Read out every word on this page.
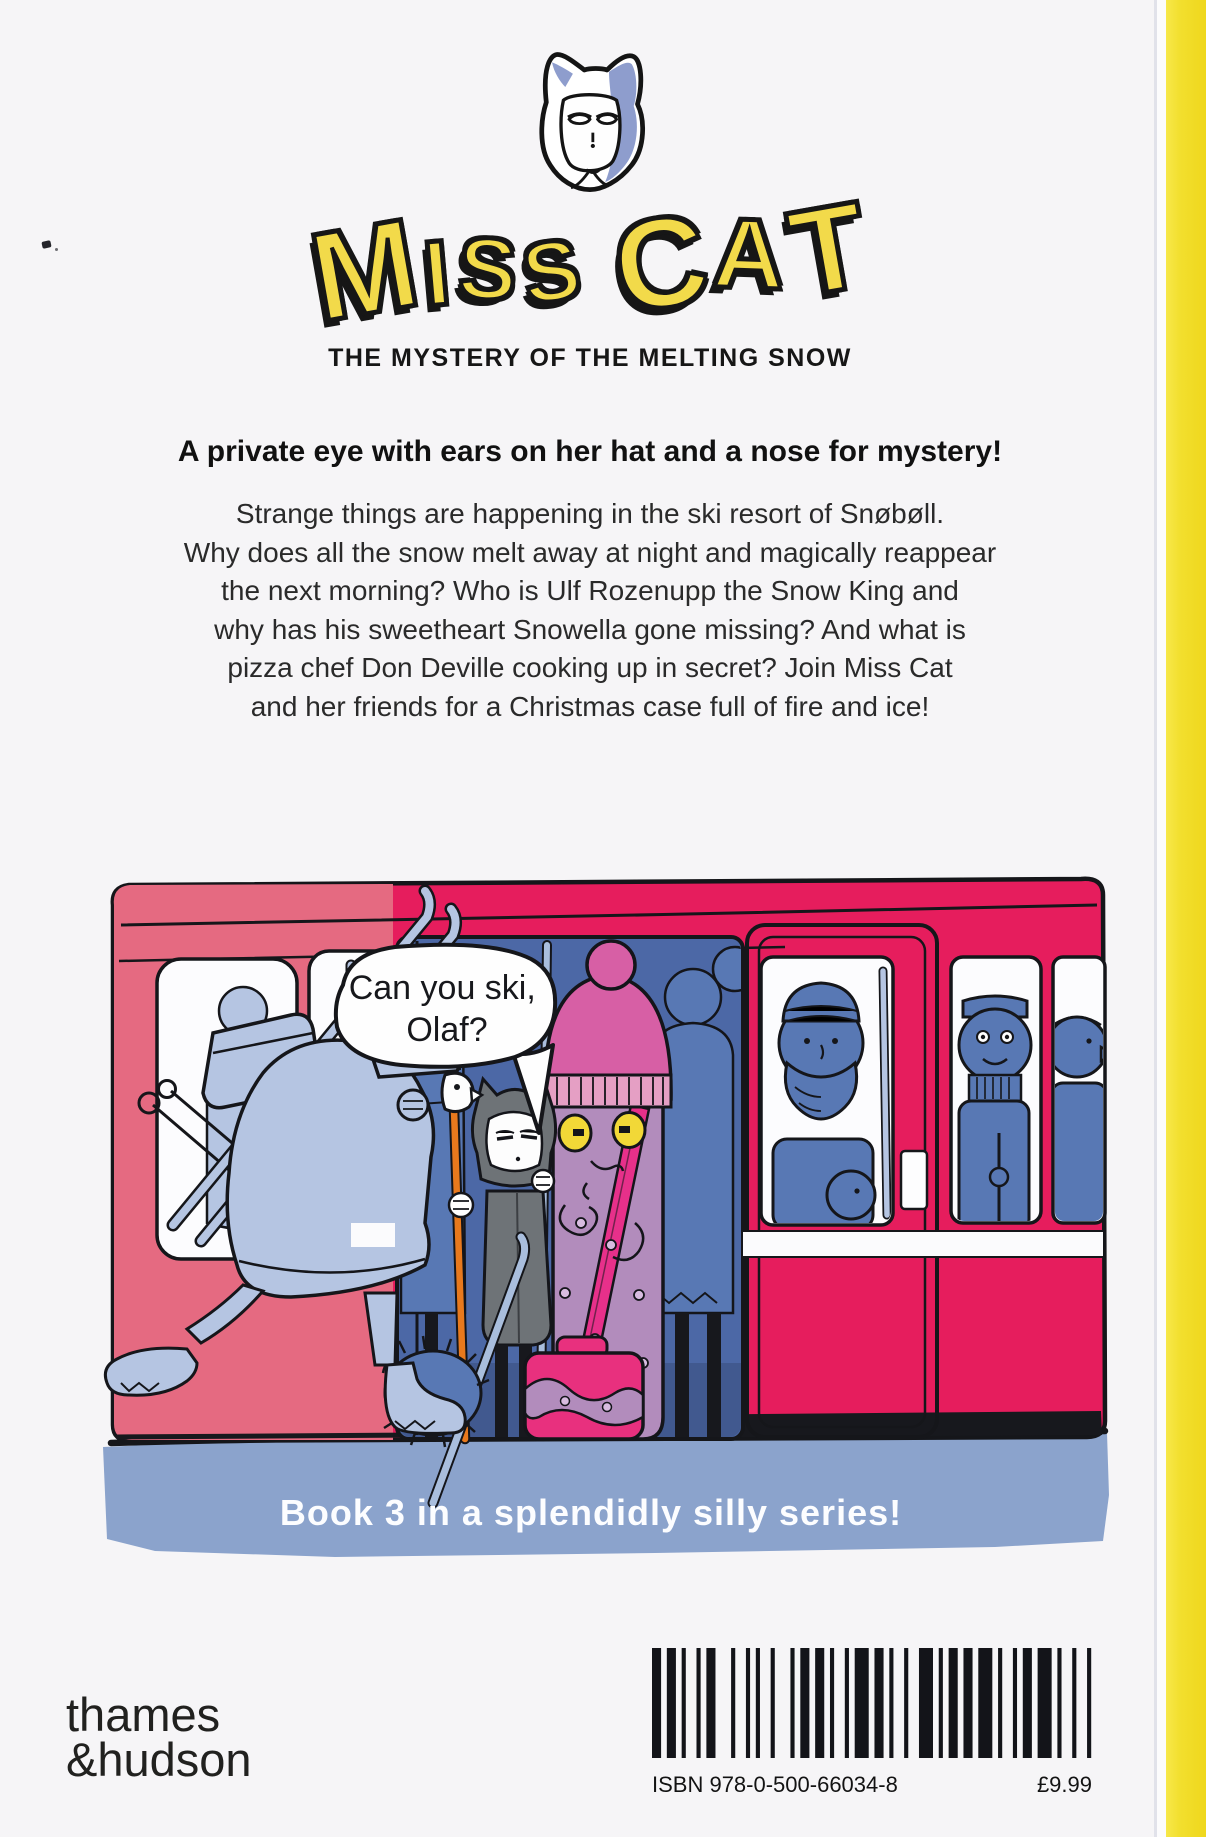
MISS CAT
THE MYSTERY OF THE MELTING SNOW
A private eye with ears on her hat and a nose for mystery!
Strange things are happening in the ski resort of Snøbøll.
Why does all the snow melt away at night and magically reappear
the next morning? Who is Ulf Rozenupp the Snow King and
why has his sweetheart Snowella gone missing? And what is
pizza chef Don Deville cooking up in secret? Join Miss Cat
and her friends for a Christmas case full of fire and ice!
Can you ski, Olaf?
Book 3 in a splendidly silly series!
thames
&hudson	ISBN 978-0-500-66034-8	£9.99
